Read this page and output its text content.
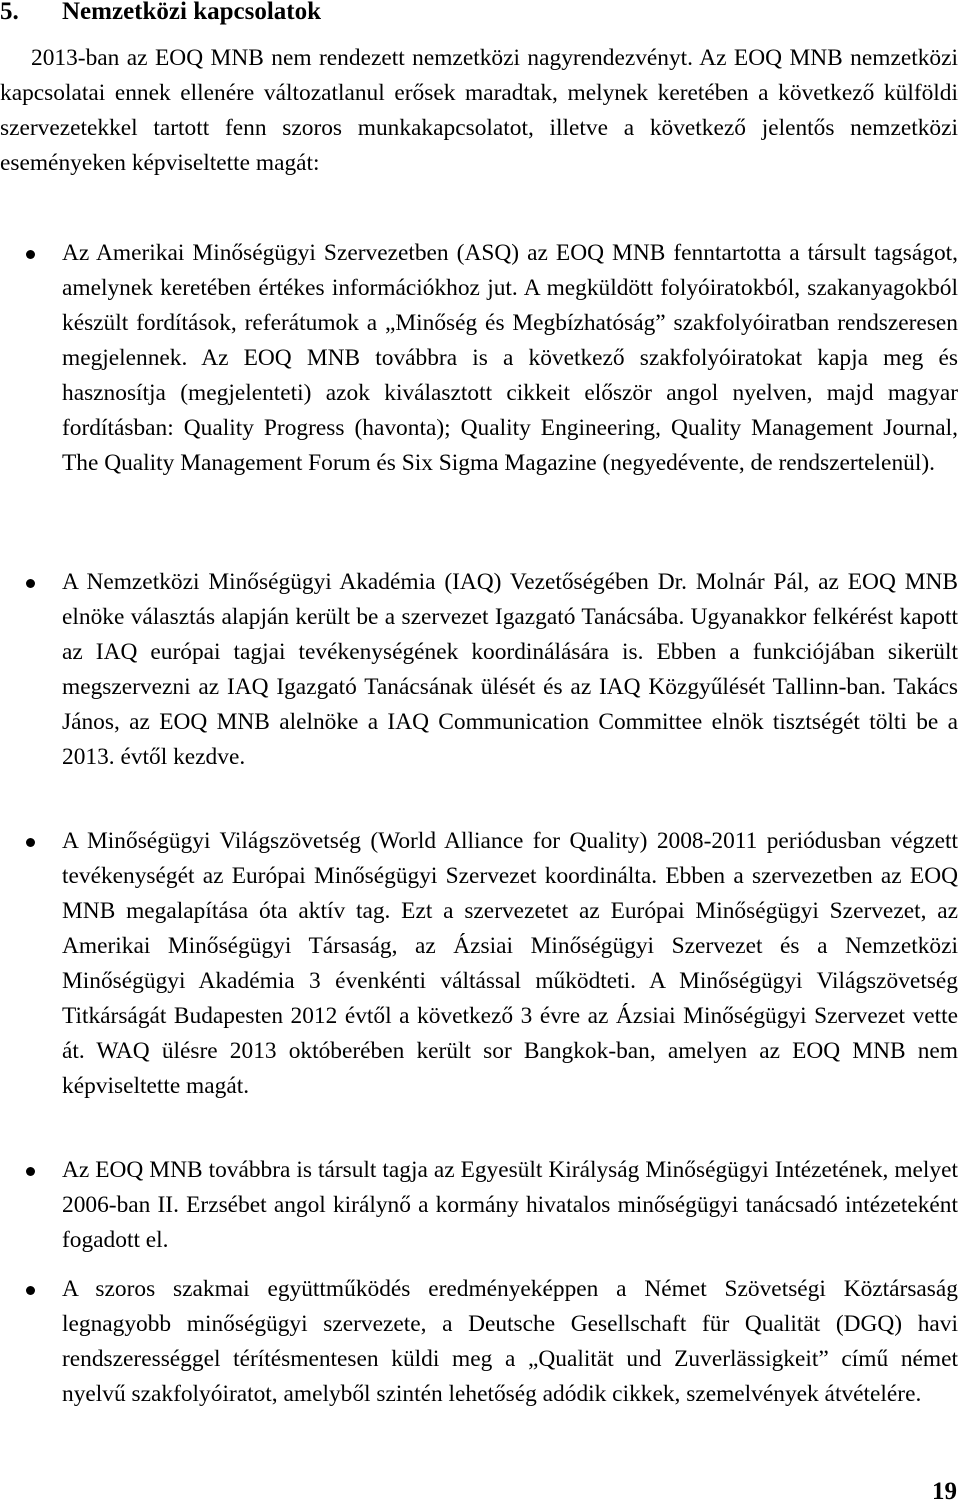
5. Nemzetközi kapcsolatok

2013-ban az EOQ MNB nem rendezett nemzetközi nagyrendezvényt. Az EOQ MNB nemzetközi kapcsolatai ennek ellenére változatlanul erősek maradtak, melynek keretében a következő külföldi szervezetekkel tartott fenn szoros munkakapcsolatot, illetve a következő jelentős nemzetközi eseményeken képviseltette magát:

Az Amerikai Minőségügyi Szervezetben (ASQ) az EOQ MNB fenntartotta a társult tagságot, amelynek keretében értékes információkhoz jut. A megküldött folyóiratokból, szakanyagokból készült fordítások, referátumok a „Minőség és Megbízhatóság” szakfolyóiratban rendszeresen megjelennek. Az EOQ MNB továbbra is a következő szakfolyóiratokat kapja meg és hasznosítja (megjelenteti) azok kiválasztott cikkeit először angol nyelven, majd magyar fordításban: Quality Progress (havonta); Quality Engineering, Quality Management Journal, The Quality Management Forum és Six Sigma Magazine (negyedévente, de rendszertelenül).

A Nemzetközi Minőségügyi Akadémia (IAQ) Vezetőségében Dr. Molnár Pál, az EOQ MNB elnöke választás alapján került be a szervezet Igazgató Tanácsába. Ugyanakkor felkérést kapott az IAQ európai tagjai tevékenységének koordinálására is. Ebben a funkciójában sikerült megszervezni az IAQ Igazgató Tanácsának ülését és az IAQ Közgyűlését Tallinn-ban. Takács János, az EOQ MNB alelnöke a IAQ Communication Committee elnök tisztségét tölti be a 2013. évtől kezdve.

A Minőségügyi Világszövetség (World Alliance for Quality) 2008-2011 periódusban végzett tevékenységét az Európai Minőségügyi Szervezet koordinálta. Ebben a szervezetben az EOQ MNB megalapítása óta aktív tag. Ezt a szervezetet az Európai Minőségügyi Szervezet, az Amerikai Minőségügyi Társaság, az Ázsiai Minőségügyi Szervezet és a Nemzetközi Minőségügyi Akadémia 3 évenkénti váltással működteti. A Minőségügyi Világszövetség Titkárságát Budapesten 2012 évtől a következő 3 évre az Ázsiai Minőségügyi Szervezet vette át. WAQ ülésre 2013 októberében került sor Bangkok-ban, amelyen az EOQ MNB nem képviseltette magát.

Az EOQ MNB továbbra is társult tagja az Egyesült Királyság Minőségügyi Intézetének, melyet 2006-ban II. Erzsébet angol királynő a kormány hivatalos minőségügyi tanácsadó intézeteként fogadott el.

A szoros szakmai együttműködés eredményeképpen a Német Szövetségi Köztársaság legnagyobb minőségügyi szervezete, a Deutsche Gesellschaft für Qualität (DGQ) havi rendszerességgel térítésmentesen küldi meg a „Qualität und Zuverlässigkeit” című német nyelvű szakfolyóiratot, amelyből szintén lehetőség adódik cikkek, szemelvények átvételére.

19
